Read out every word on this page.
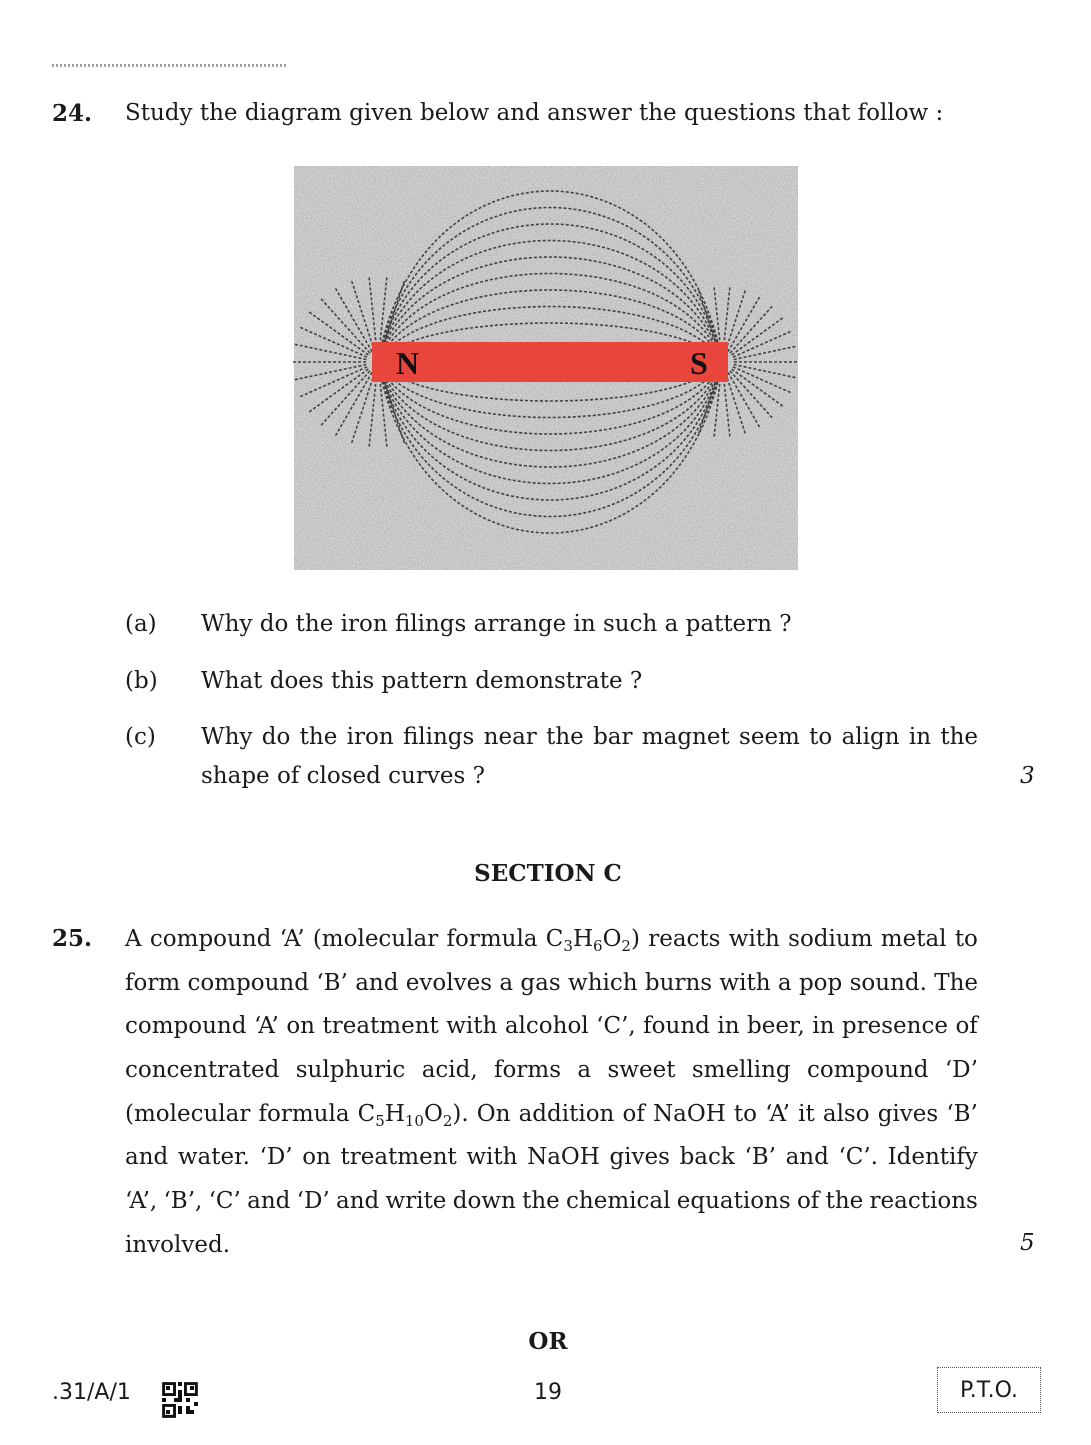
24. Study the diagram given below and answer the questions that follow :
N	S
(a) Why do the iron filings arrange in such a pattern ?
(b) What does this pattern demonstrate ?
(c) Why do the iron filings near the bar magnet seem to align in the
shape of closed curves ?	3
SECTION C
25. A compound ‘A’ (molecular formula $C_3H_6O_2$) reacts with sodium metal to
form compound ‘B’ and evolves a gas which burns with a pop sound. The
compound ‘A’ on treatment with alcohol ‘C’, found in beer, in presence of
concentrated sulphuric acid, forms a sweet smelling compound ‘D’
(molecular formula $C_5H_{10}O_2$). On addition of NaOH to ‘A’ it also gives ‘B’
and water. ‘D’ on treatment with NaOH gives back ‘B’ and ‘C’. Identify
‘A’, ‘B’, ‘C’ and ‘D’ and write down the chemical equations of the reactions
involved.	5
OR
.31/A/1	19	P.T.O.
